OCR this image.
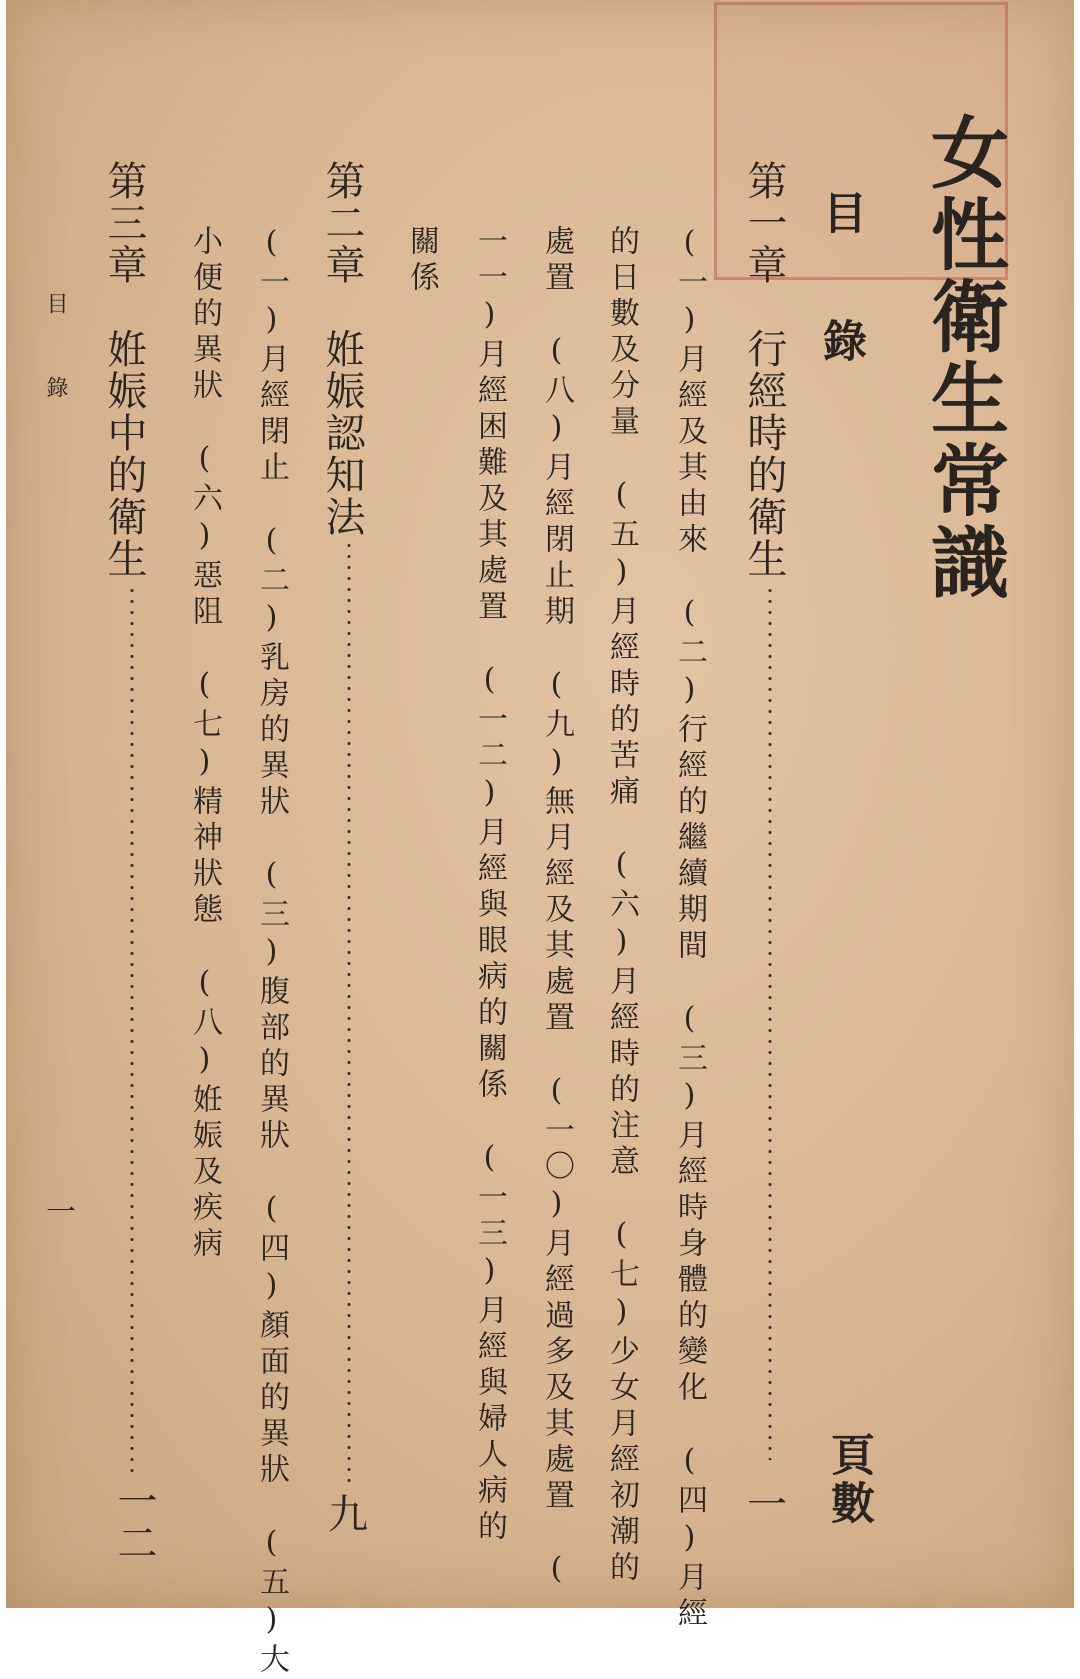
女性衛生常識
目　錄
頁數
第一章　行經時的衛生
一
(一)月經及其由來　(二)行經的繼續期間　(三)月經時身體的變化　(四)月經
的日數及分量　(五)月經時的苦痛　(六)月經時的注意　(七)少女月經初潮的
處置　(八)月經閉止期　(九)無月經及其處置　(一〇)月經過多及其處置　(
一一)月經困難及其處置　(一二)月經與眼病的關係　(一三)月經與婦人病的
關係
第二章　姙娠認知法
九
(一)月經閉止　(二)乳房的異狀　(三)腹部的異狀　(四)顏面的異狀　(五)大
小便的異狀　(六)惡阻　(七)精神狀態　(八)姙娠及疾病
第三章　姙娠中的衛生
一二
目　錄
一
